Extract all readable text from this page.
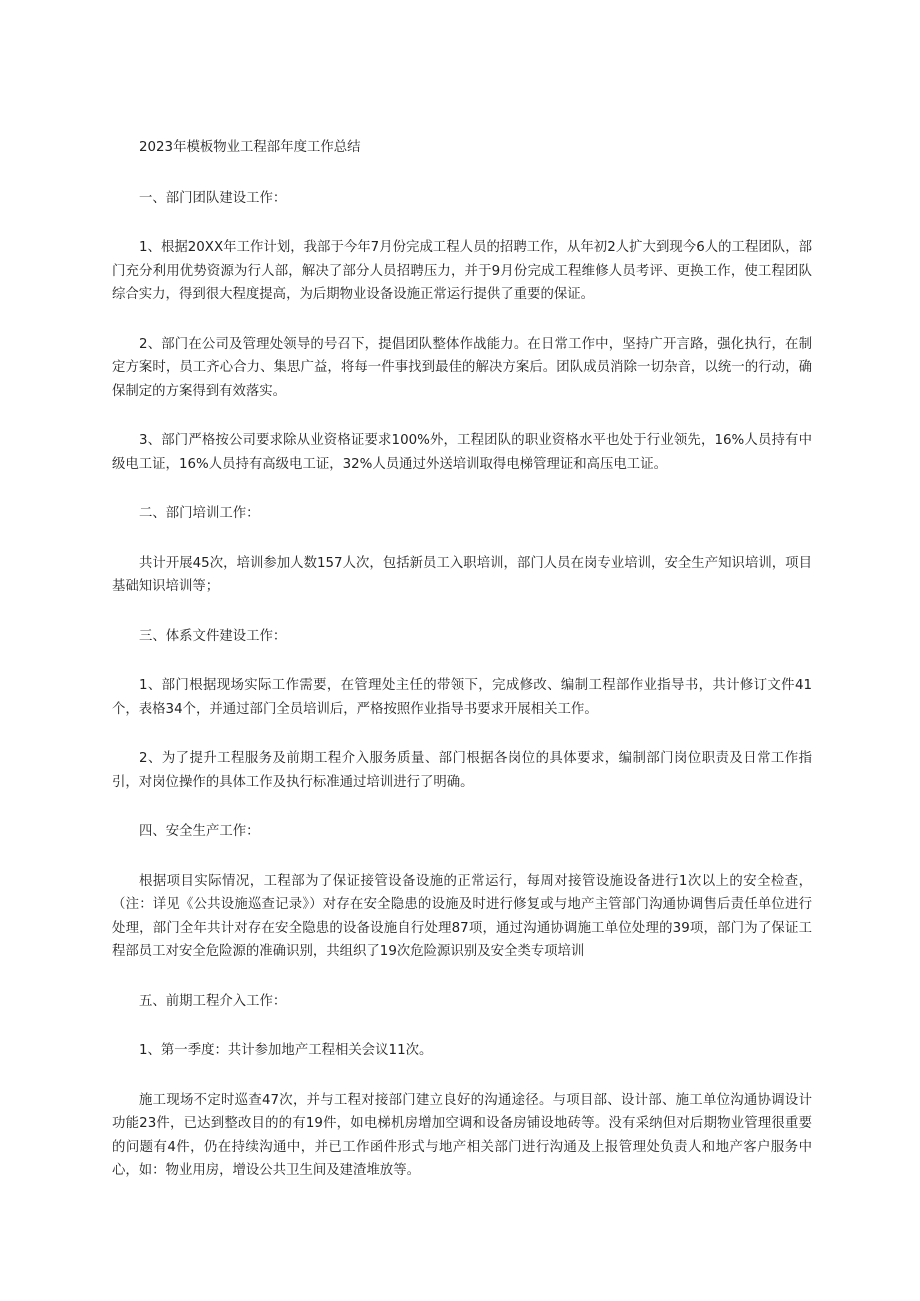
2023年模板物业工程部年度工作总结

一、部门团队建设工作：

1、根据20XX年工作计划，我部于今年7月份完成工程人员的招聘工作，从年初2人扩大到现今6人的工程团队，部门充分利用优势资源为行人部，解决了部分人员招聘压力，并于9月份完成工程维修人员考评、更换工作，使工程团队综合实力，得到很大程度提高，为后期物业设备设施正常运行提供了重要的保证。

2、部门在公司及管理处领导的号召下，提倡团队整体作战能力。在日常工作中，坚持广开言路，强化执行，在制定方案时，员工齐心合力、集思广益，将每一件事找到最佳的解决方案后。团队成员消除一切杂音，以统一的行动，确保制定的方案得到有效落实。

3、部门严格按公司要求除从业资格证要求100%外，工程团队的职业资格水平也处于行业领先，16%人员持有中级电工证，16%人员持有高级电工证，32%人员通过外送培训取得电梯管理证和高压电工证。

二、部门培训工作：

共计开展45次，培训参加人数157人次，包括新员工入职培训，部门人员在岗专业培训，安全生产知识培训，项目基础知识培训等；

三、体系文件建设工作：

1、部门根据现场实际工作需要，在管理处主任的带领下，完成修改、编制工程部作业指导书，共计修订文件41个，表格34个，并通过部门全员培训后，严格按照作业指导书要求开展相关工作。

2、为了提升工程服务及前期工程介入服务质量、部门根据各岗位的具体要求，编制部门岗位职责及日常工作指引，对岗位操作的具体工作及执行标准通过培训进行了明确。

四、安全生产工作：

根据项目实际情况，工程部为了保证接管设备设施的正常运行，每周对接管设施设备进行1次以上的安全检查，（注：详见《公共设施巡查记录》）对存在安全隐患的设施及时进行修复或与地产主管部门沟通协调售后责任单位进行处理，部门全年共计对存在安全隐患的设备设施自行处理87项，通过沟通协调施工单位处理的39项，部门为了保证工程部员工对安全危险源的准确识别，共组织了19次危险源识别及安全类专项培训

五、前期工程介入工作：

1、第一季度：共计参加地产工程相关会议11次。

施工现场不定时巡查47次，并与工程对接部门建立良好的沟通途径。与项目部、设计部、施工单位沟通协调设计功能23件，已达到整改目的的有19件，如电梯机房增加空调和设备房铺设地砖等。没有采纳但对后期物业管理很重要的问题有4件，仍在持续沟通中，并已工作函件形式与地产相关部门进行沟通及上报管理处负责人和地产客户服务中心，如：物业用房，增设公共卫生间及建渣堆放等。
